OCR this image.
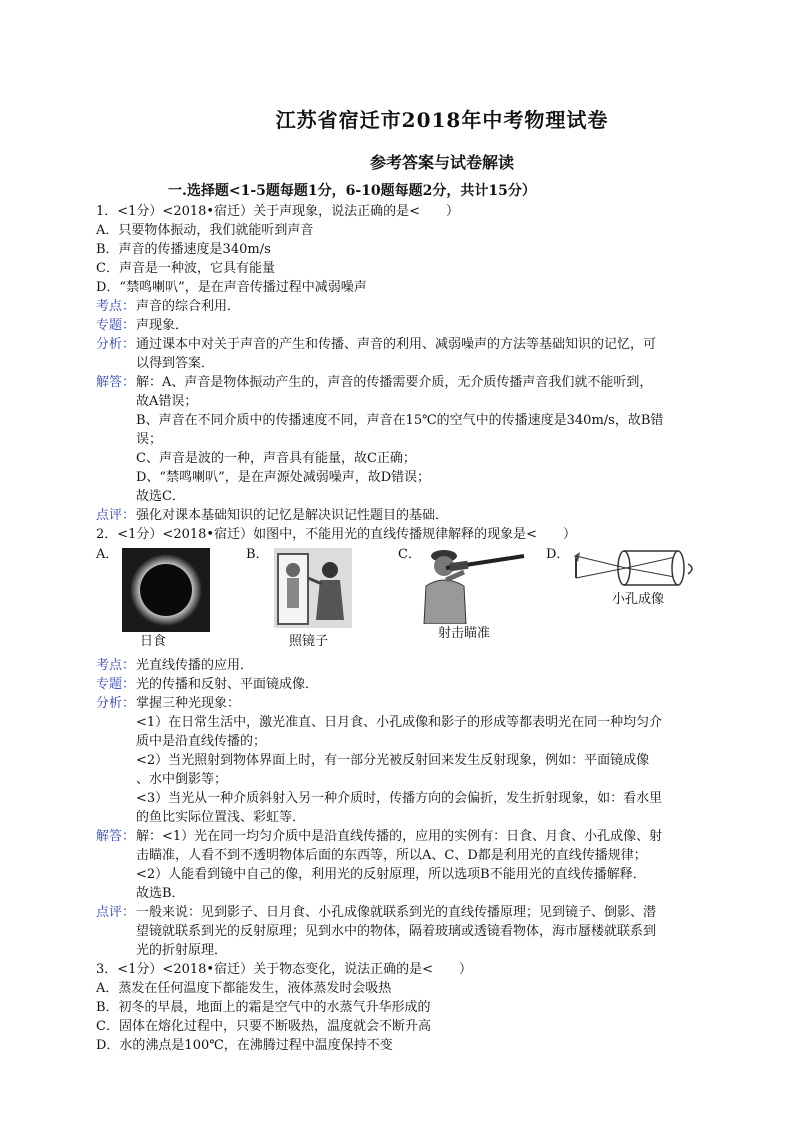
江苏省宿迁市2018年中考物理试卷
参考答案与试卷解读
一.选择题<1-5题每题1分，6-10题每题2分，共计15分）
1．<1分）<2018•宿迁）关于声现象，说法正确的是<　　）
A．只要物体振动，我们就能听到声音
B．声音的传播速度是340m/s
C．声音是一种波，它具有能量
D．“禁鸣喇叭”，是在声音传播过程中减弱噪声
考点： 声音的综合利用．
专题： 声现象．
分析： 通过课本中对关于声音的产生和传播、声音的利用、减弱噪声的方法等基础知识的记忆，可
以得到答案．
解答： 解：A、声音是物体振动产生的，声音的传播需要介质，无介质传播声音我们就不能听到，
故A错误；
B、声音在不同介质中的传播速度不同，声音在15℃的空气中的传播速度是340m/s，故B错
误；
C、声音是波的一种，声音具有能量，故C正确；
D、“禁鸣喇叭”，是在声源处减弱噪声，故D错误；
故选C．
点评： 强化对课本基础知识的记忆是解决识记性题目的基础．
2．<1分）<2018•宿迁）如图中，不能用光的直线传播规律解释的现象是<　　）
A．
日食
B．
照镜子
C．
射击瞄准
D．
小孔成像
考点： 光直线传播的应用．
专题： 光的传播和反射、平面镜成像．
分析： 掌握三种光现象：
<1）在日常生活中，激光准直、日月食、小孔成像和影子的形成等都表明光在同一种均匀介
质中是沿直线传播的；
<2）当光照射到物体界面上时，有一部分光被反射回来发生反射现象，例如：平面镜成像
、水中倒影等；
<3）当光从一种介质斜射入另一种介质时，传播方向的会偏折，发生折射现象，如：看水里
的鱼比实际位置浅、彩虹等．
解答： 解：<1）光在同一均匀介质中是沿直线传播的，应用的实例有：日食、月食、小孔成像、射
击瞄准，人看不到不透明物体后面的东西等，所以A、C、D都是利用光的直线传播规律；
<2）人能看到镜中自己的像，利用光的反射原理，所以选项B不能用光的直线传播解释．
故选B．
点评： 一般来说：见到影子、日月食、小孔成像就联系到光的直线传播原理；见到镜子、倒影、潜
望镜就联系到光的反射原理；见到水中的物体，隔着玻璃或透镜看物体，海市蜃楼就联系到
光的折射原理．
3．<1分）<2018•宿迁）关于物态变化，说法正确的是<　　）
A．蒸发在任何温度下都能发生，液体蒸发时会吸热
B．初冬的早晨，地面上的霜是空气中的水蒸气升华形成的
C．固体在熔化过程中，只要不断吸热，温度就会不断升高
D．水的沸点是100℃，在沸腾过程中温度保持不变
